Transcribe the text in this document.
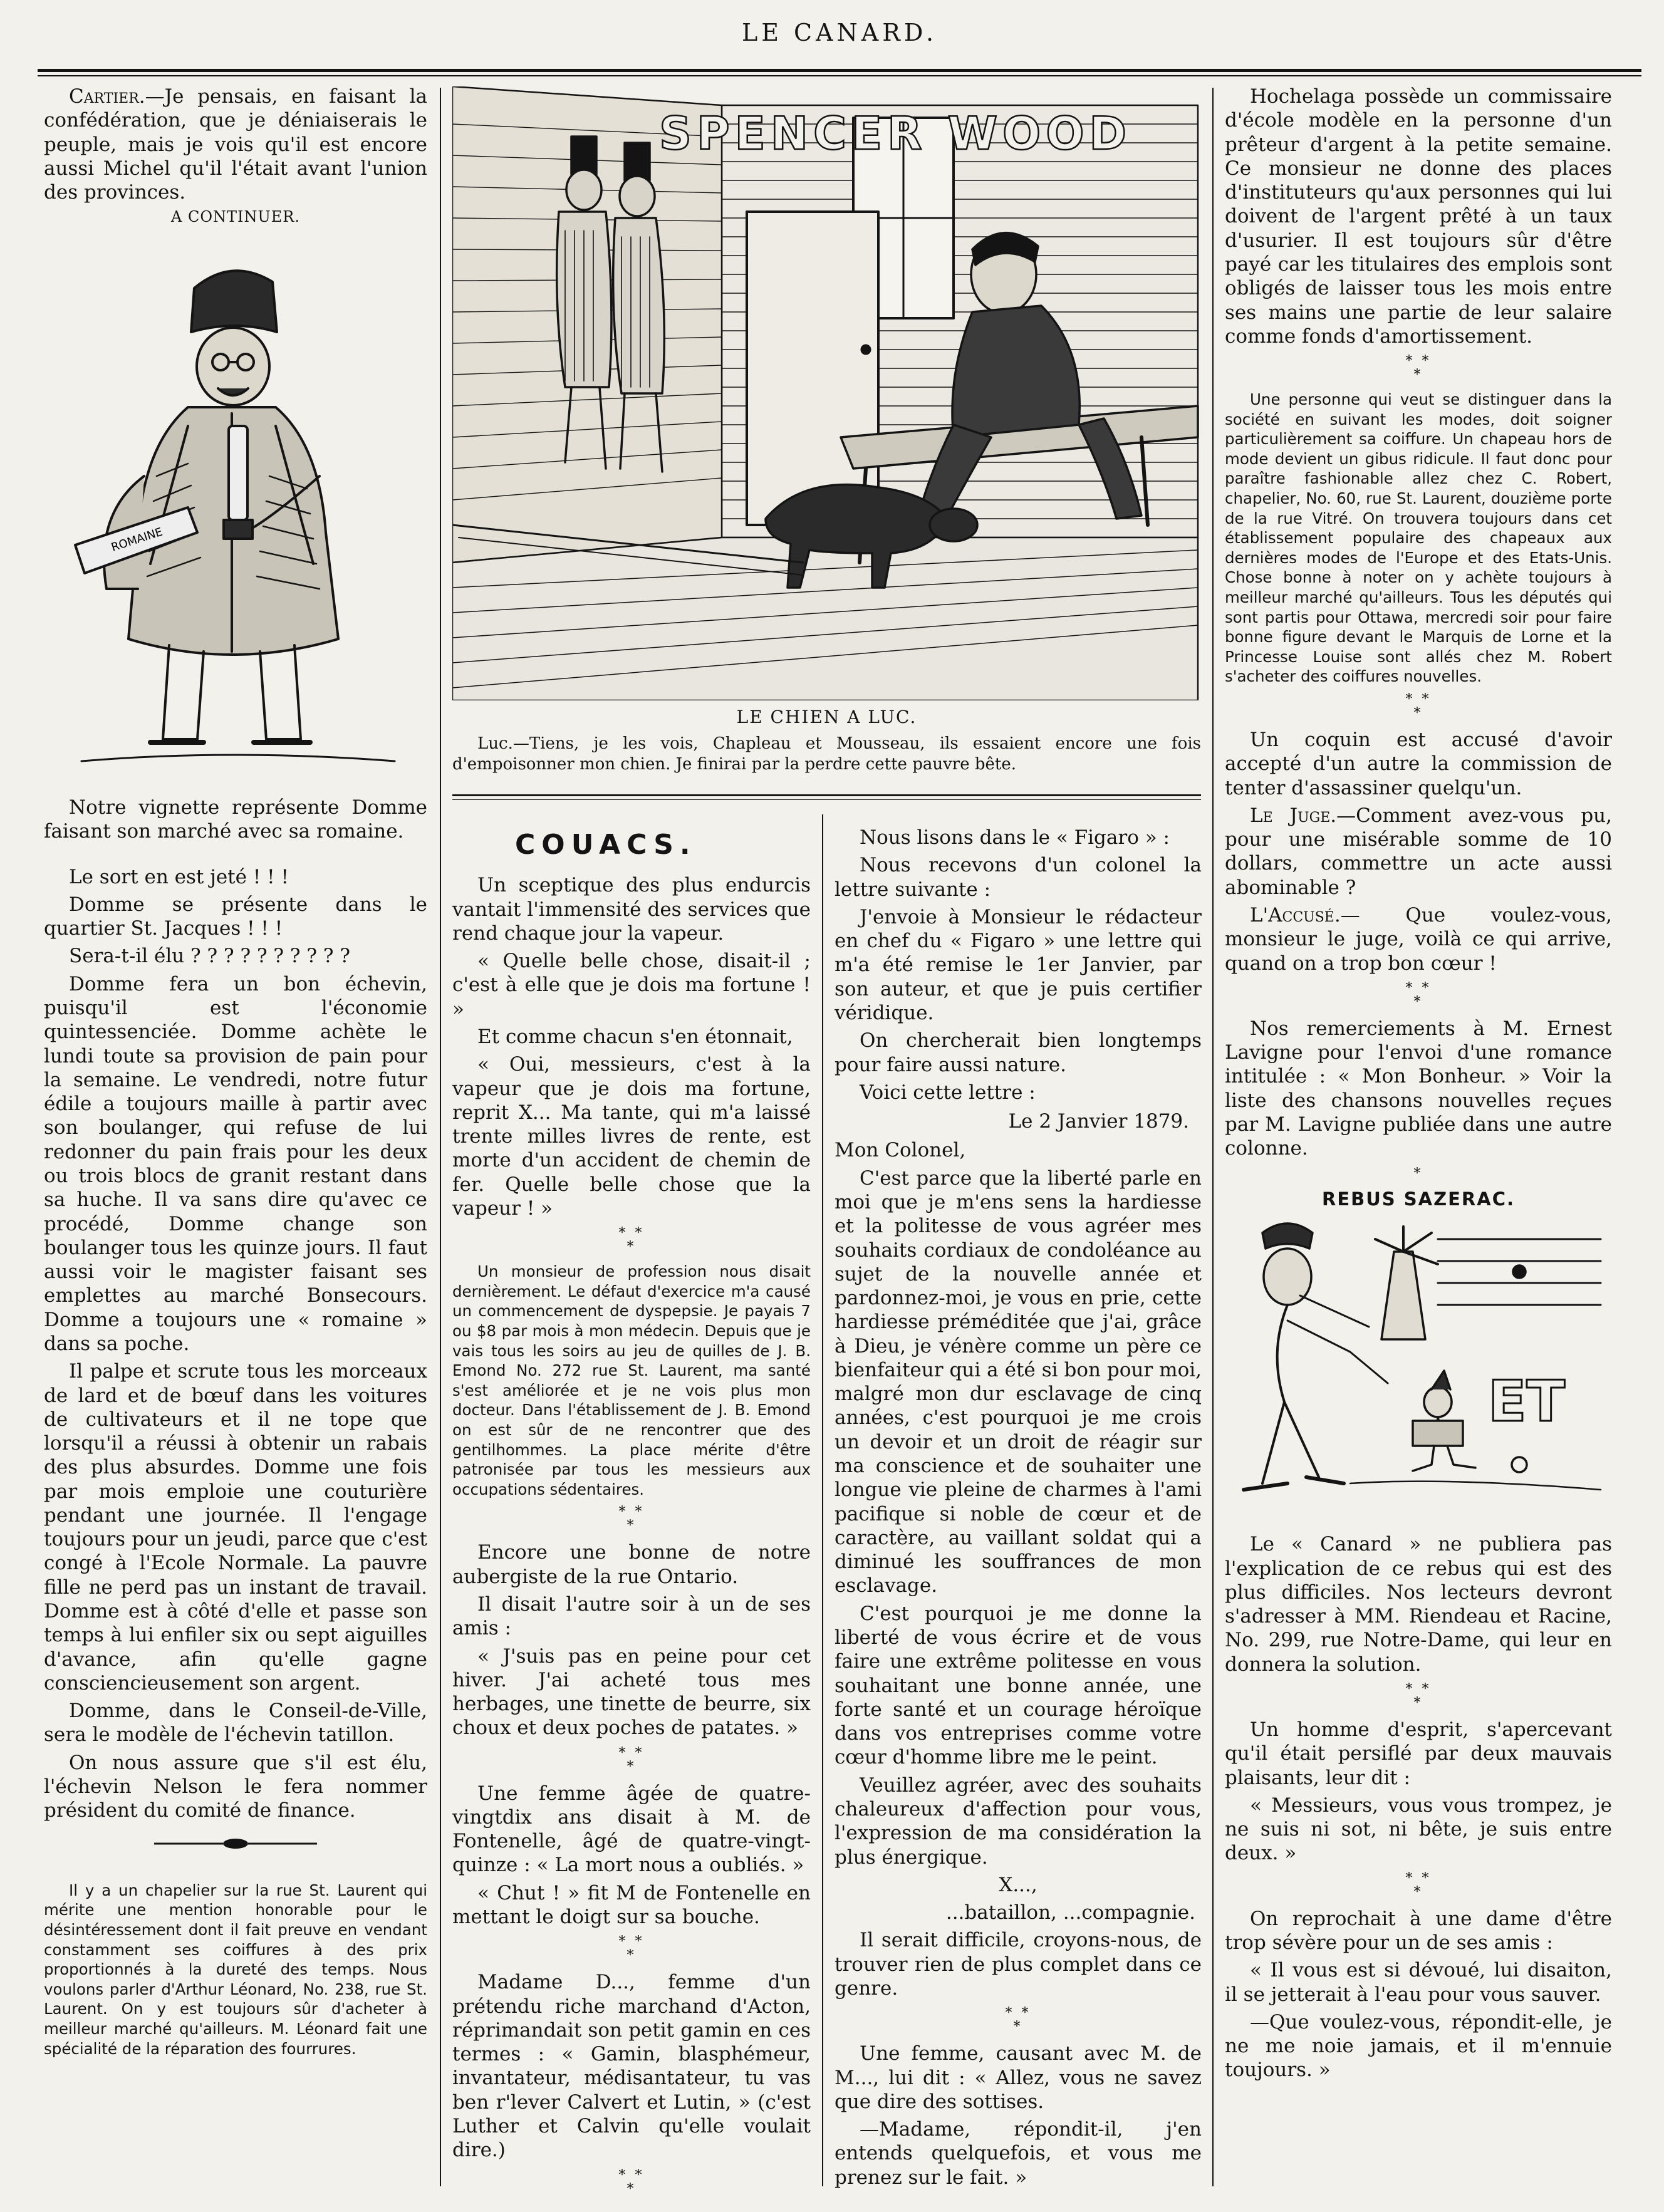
LE CANARD.

Cartier.—Je pensais, en faisant la confédération, que je déniaiserais le peuple, mais je vois qu'il est encore aussi Michel qu'il l'était avant l'union des provinces.

A CONTINUER.
ROMAINE

Notre vignette représente Domme faisant son marché avec sa romaine.

Le sort en est jeté ! ! !

Domme se présente dans le quartier St. Jacques ! ! !

Sera-t-il élu ? ? ? ? ? ? ? ? ? ?

Domme fera un bon échevin, puisqu'il est l'économie quintessenciée. Domme achète le lundi toute sa provision de pain pour la semaine. Le vendredi, notre futur édile a toujours maille à partir avec son boulanger, qui refuse de lui redonner du pain frais pour les deux ou trois blocs de granit restant dans sa huche. Il va sans dire qu'avec ce procédé, Domme change son boulanger tous les quinze jours. Il faut aussi voir le magister faisant ses emplettes au marché Bonsecours. Domme a toujours une « romaine » dans sa poche.

Il palpe et scrute tous les morceaux de lard et de bœuf dans les voitures de cultivateurs et il ne tope que lorsqu'il a réussi à obtenir un rabais des plus absurdes. Domme une fois par mois emploie une couturière pendant une journée. Il l'engage toujours pour un jeudi, parce que c'est congé à l'Ecole Normale. La pauvre fille ne perd pas un instant de travail. Domme est à côté d'elle et passe son temps à lui enfiler six ou sept aiguilles d'avance, afin qu'elle gagne consciencieusement son argent.

Domme, dans le Conseil-de-Ville, sera le modèle de l'échevin tatillon.

On nous assure que s'il est élu, l'échevin Nelson le fera nommer président du comité de finance.

Il y a un chapelier sur la rue St. Laurent qui mérite une mention honorable pour le désintéressement dont il fait preuve en vendant constamment ses coiffures à des prix proportionnés à la dureté des temps. Nous voulons parler d'Arthur Léonard, No. 238, rue St. Laurent. On y est toujours sûr d'acheter à meilleur marché qu'ailleurs. M. Léonard fait une spécialité de la réparation des fourrures.

SPENCER WOOD
LE CHIEN A LUC.

Luc.—Tiens, je les vois, Chapleau et Mousseau, ils essaient encore une fois d'empoisonner mon chien. Je finirai par la perdre cette pauvre bête.

COUACS.

Un sceptique des plus endurcis vantait l'immensité des services que rend chaque jour la vapeur.

« Quelle belle chose, disait-il ; c'est à elle que je dois ma fortune ! »

Et comme chacun s'en étonnait,

« Oui, messieurs, c'est à la vapeur que je dois ma fortune, reprit X... Ma tante, qui m'a laissé trente milles livres de rente, est morte d'un accident de chemin de fer. Quelle belle chose que la vapeur ! »

* *
*

Un monsieur de profession nous disait dernièrement. Le défaut d'exercice m'a causé un commencement de dyspepsie. Je payais 7 ou $8 par mois à mon médecin. Depuis que je vais tous les soirs au jeu de quilles de J. B. Emond No. 272 rue St. Laurent, ma santé s'est améliorée et je ne vois plus mon docteur. Dans l'établissement de J. B. Emond on est sûr de ne rencontrer que des gentilhommes. La place mérite d'être patronisée par tous les messieurs aux occupations sédentaires.

* *
*

Encore une bonne de notre aubergiste de la rue Ontario.

Il disait l'autre soir à un de ses amis :

« J'suis pas en peine pour cet hiver. J'ai acheté tous mes herbages, une tinette de beurre, six choux et deux poches de patates. »

* *
*

Une femme âgée de quatre-vingtdix ans disait à M. de Fontenelle, âgé de quatre-vingt-quinze : « La mort nous a oubliés. »

« Chut ! » fit M de Fontenelle en mettant le doigt sur sa bouche.

* *
*

Madame D..., femme d'un prétendu riche marchand d'Acton, réprimandait son petit gamin en ces termes : « Gamin, blasphémeur, invantateur, médisantateur, tu vas ben r'lever Calvert et Lutin, » (c'est Luther et Calvin qu'elle voulait dire.)

* *
*

Nous lisons dans le « Figaro » :

Nous recevons d'un colonel la lettre suivante :

J'envoie à Monsieur le rédacteur en chef du « Figaro » une lettre qui m'a été remise le 1er Janvier, par son auteur, et que je puis certifier véridique.

On chercherait bien longtemps pour faire aussi nature.

Voici cette lettre :

Le 2 Janvier 1879.

Mon Colonel,

C'est parce que la liberté parle en moi que je m'ens sens la hardiesse et la politesse de vous agréer mes souhaits cordiaux de condoléance au sujet de la nouvelle année et pardonnez-moi, je vous en prie, cette hardiesse préméditée que j'ai, grâce à Dieu, je vénère comme un père ce bienfaiteur qui a été si bon pour moi, malgré mon dur esclavage de cinq années, c'est pourquoi je me crois un devoir et un droit de réagir sur ma conscience et de souhaiter une longue vie pleine de charmes à l'ami pacifique si noble de cœur et de caractère, au vaillant soldat qui a diminué les souffrances de mon esclavage.

C'est pourquoi je me donne la liberté de vous écrire et de vous faire une extrême politesse en vous souhaitant une bonne année, une forte santé et un courage héroïque dans vos entreprises comme votre cœur d'homme libre me le peint.

Veuillez agréer, avec des souhaits chaleureux d'affection pour vous, l'expression de ma considération la plus énergique.

X...,

...bataillon, ...compagnie.

Il serait difficile, croyons-nous, de trouver rien de plus complet dans ce genre.

* *
*

Une femme, causant avec M. de M..., lui dit : « Allez, vous ne savez que dire des sottises.

—Madame, répondit-il, j'en entends quelquefois, et vous me prenez sur le fait. »

Hochelaga possède un commissaire d'école modèle en la personne d'un prêteur d'argent à la petite semaine. Ce monsieur ne donne des places d'instituteurs qu'aux personnes qui lui doivent de l'argent prêté à un taux d'usurier. Il est toujours sûr d'être payé car les titulaires des emplois sont obligés de laisser tous les mois entre ses mains une partie de leur salaire comme fonds d'amortissement.

* *
*

Une personne qui veut se distinguer dans la société en suivant les modes, doit soigner particulièrement sa coiffure. Un chapeau hors de mode devient un gibus ridicule. Il faut donc pour paraître fashionable allez chez C. Robert, chapelier, No. 60, rue St. Laurent, douzième porte de la rue Vitré. On trouvera toujours dans cet établissement populaire des chapeaux aux dernières modes de l'Europe et des Etats-Unis. Chose bonne à noter on y achète toujours à meilleur marché qu'ailleurs. Tous les députés qui sont partis pour Ottawa, mercredi soir pour faire bonne figure devant le Marquis de Lorne et la Princesse Louise sont allés chez M. Robert s'acheter des coiffures nouvelles.

* *
*

Un coquin est accusé d'avoir accepté d'un autre la commission de tenter d'assassiner quelqu'un.

Le Juge.—Comment avez-vous pu, pour une misérable somme de 10 dollars, commettre un acte aussi abominable ?

L'Accusé.— Que voulez-vous, monsieur le juge, voilà ce qui arrive, quand on a trop bon cœur !

* *
*

Nos remerciements à M. Ernest Lavigne pour l'envoi d'une romance intitulée : « Mon Bonheur. » Voir la liste des chansons nouvelles reçues par M. Lavigne publiée dans une autre colonne.

*
REBUS SAZERAC.
ET

Le « Canard » ne publiera pas l'explication de ce rebus qui est des plus difficiles. Nos lecteurs devront s'adresser à MM. Riendeau et Racine, No. 299, rue Notre-Dame, qui leur en donnera la solution.

* *
*

Un homme d'esprit, s'apercevant qu'il était persiflé par deux mauvais plaisants, leur dit :

« Messieurs, vous vous trompez, je ne suis ni sot, ni bête, je suis entre deux. »

* *
*

On reprochait à une dame d'être trop sévère pour un de ses amis :

« Il vous est si dévoué, lui disaiton, il se jetterait à l'eau pour vous sauver.

—Que voulez-vous, répondit-elle, je ne me noie jamais, et il m'ennuie toujours. »
